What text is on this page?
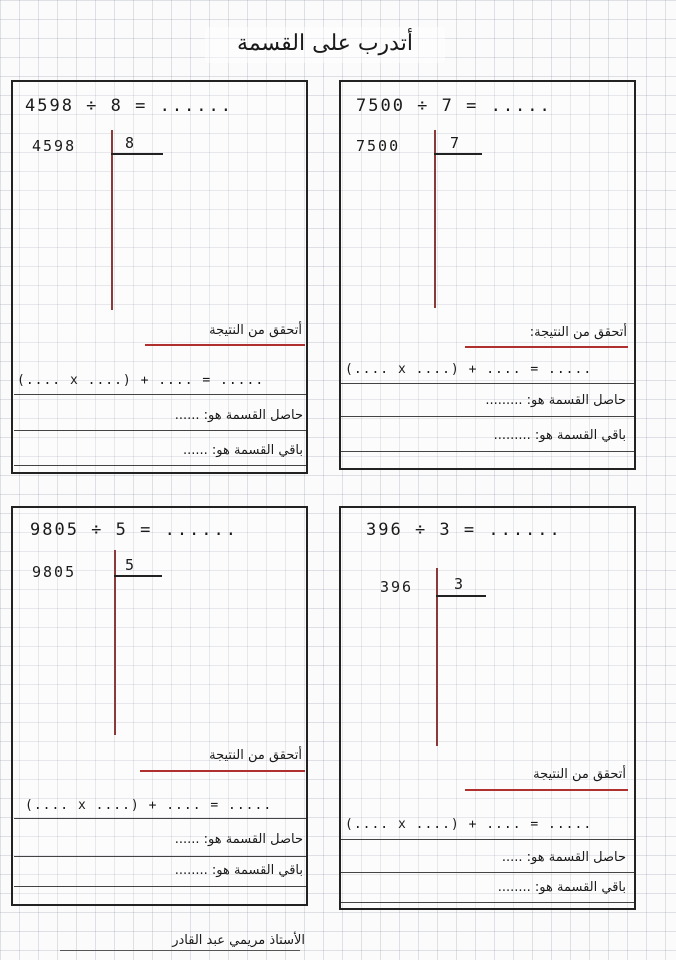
أتدرب على القسمة
4598 ÷ 8 = ......
4598	8
أتحقق من النتيجة
(.... x ....) + .... = .....
حاصل القسمة هو: ......
باقي القسمة هو: ......
7500 ÷ 7 = .....
7500	7
أتحقق من النتيجة:
(.... x ....) + .... = .....
حاصل القسمة هو: .........
باقي القسمة هو: .........
9805 ÷ 5 = ......
9805	5
أتحقق من النتيجة
(.... x ....) + .... = .....
حاصل القسمة هو: ......
باقي القسمة هو: ........
396 ÷ 3 = ......
396	3
أتحقق من النتيجة
(.... x ....) + .... = .....
حاصل القسمة هو: .....
باقي القسمة هو: ........
الأستاذ مريمي عبد القادر
